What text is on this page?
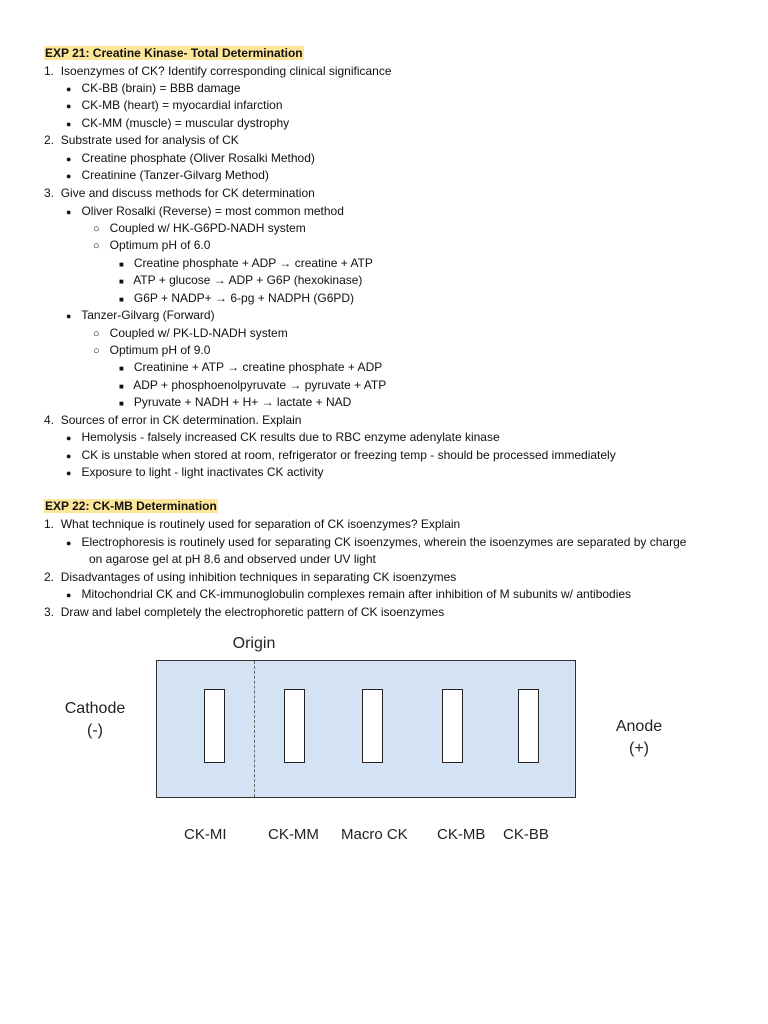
EXP 21: Creatine Kinase- Total Determination
1. Isoenzymes of CK? Identify corresponding clinical significance
● CK-BB (brain) = BBB damage
● CK-MB (heart) = myocardial infarction
● CK-MM (muscle) = muscular dystrophy
2. Substrate used for analysis of CK
● Creatine phosphate (Oliver Rosalki Method)
● Creatinine (Tanzer-Gilvarg Method)
3. Give and discuss methods for CK determination
● Oliver Rosalki (Reverse) = most common method
○ Coupled w/ HK-G6PD-NADH system
○ Optimum pH of 6.0
■ Creatine phosphate + ADP → creatine + ATP
■ ATP + glucose → ADP + G6P (hexokinase)
■ G6P + NADP+ → 6-pg + NADPH (G6PD)
● Tanzer-Gilvarg (Forward)
○ Coupled w/ PK-LD-NADH system
○ Optimum pH of 9.0
■ Creatinine + ATP → creatine phosphate + ADP
■ ADP + phosphoenolpyruvate → pyruvate + ATP
■ Pyruvate + NADH + H+ → lactate + NAD
4. Sources of error in CK determination. Explain
● Hemolysis - falsely increased CK results due to RBC enzyme adenylate kinase
● CK is unstable when stored at room, refrigerator or freezing temp - should be processed immediately
● Exposure to light - light inactivates CK activity
EXP 22: CK-MB Determination
1. What technique is routinely used for separation of CK isoenzymes? Explain
● Electrophoresis is routinely used for separating CK isoenzymes, wherein the isoenzymes are separated by charge
on agarose gel at pH 8.6 and observed under UV light
2. Disadvantages of using inhibition techniques in separating CK isoenzymes
● Mitochondrial CK and CK-immunoglobulin complexes remain after inhibition of M subunits w/ antibodies
3. Draw and label completely the electrophoretic pattern of CK isoenzymes
Origin
Cathode
(-)	Anode
(+)
CK-MI	CK-MM Macro CK CK-MB CK-BB
